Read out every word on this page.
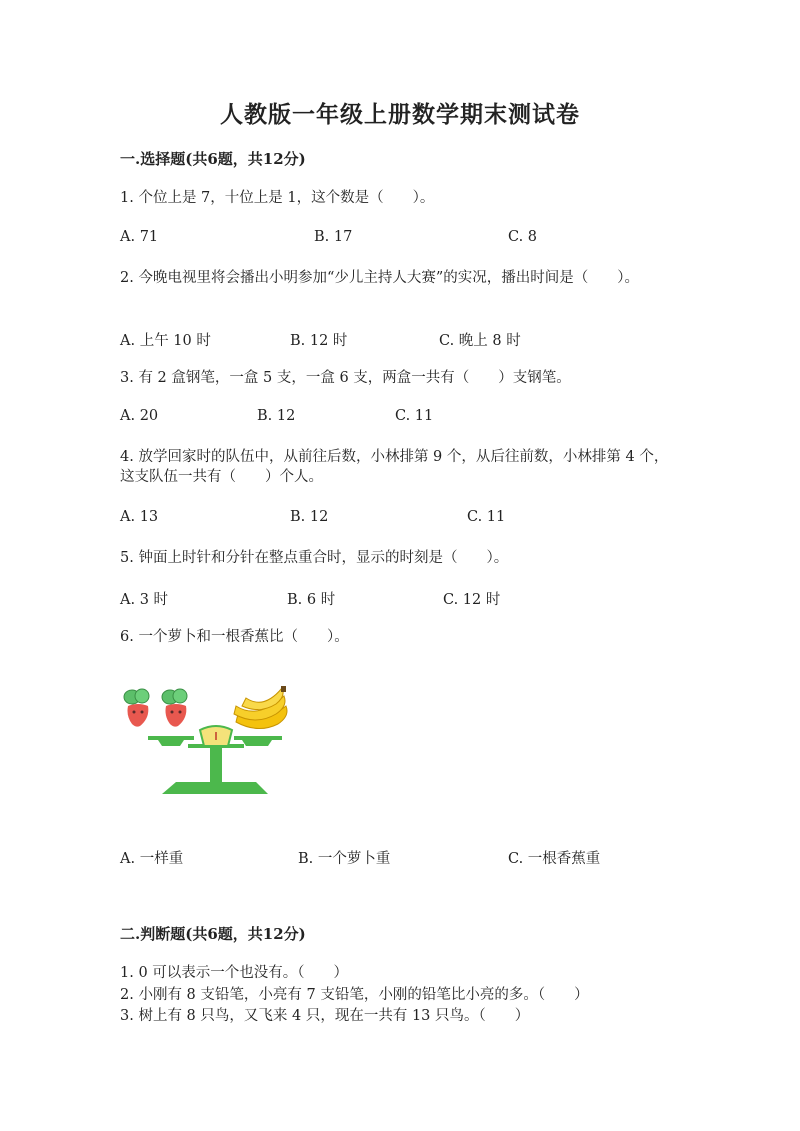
人教版一年级上册数学期末测试卷
一.选择题(共6题，共12分)
1. 个位上是 7，十位上是 1，这个数是（　　）。
A. 71	B. 17	C. 8
2. 今晚电视里将会播出小明参加“少儿主持人大赛”的实况，播出时间是（　　）。
A. 上午 10 时	B. 12 时	C. 晚上 8 时
3. 有 2 盒钢笔，一盒 5 支，一盒 6 支，两盒一共有（　　）支钢笔。
A. 20	B. 12	C. 11
4. 放学回家时的队伍中，从前往后数，小林排第 9 个，从后往前数，小林排第 4 个，这支队伍一共有（　　）个人。
A. 13	B. 12	C. 11
5. 钟面上时针和分针在整点重合时，显示的时刻是（　　）。
A. 3 时	B. 6 时	C. 12 时
6. 一个萝卜和一根香蕉比（　　）。
A. 一样重	B. 一个萝卜重	C. 一根香蕉重
二.判断题(共6题，共12分)
1. 0 可以表示一个也没有。（　　）
2. 小刚有 8 支铅笔，小亮有 7 支铅笔，小刚的铅笔比小亮的多。（　　）
3. 树上有 8 只鸟，又飞来 4 只，现在一共有 13 只鸟。（　　）
